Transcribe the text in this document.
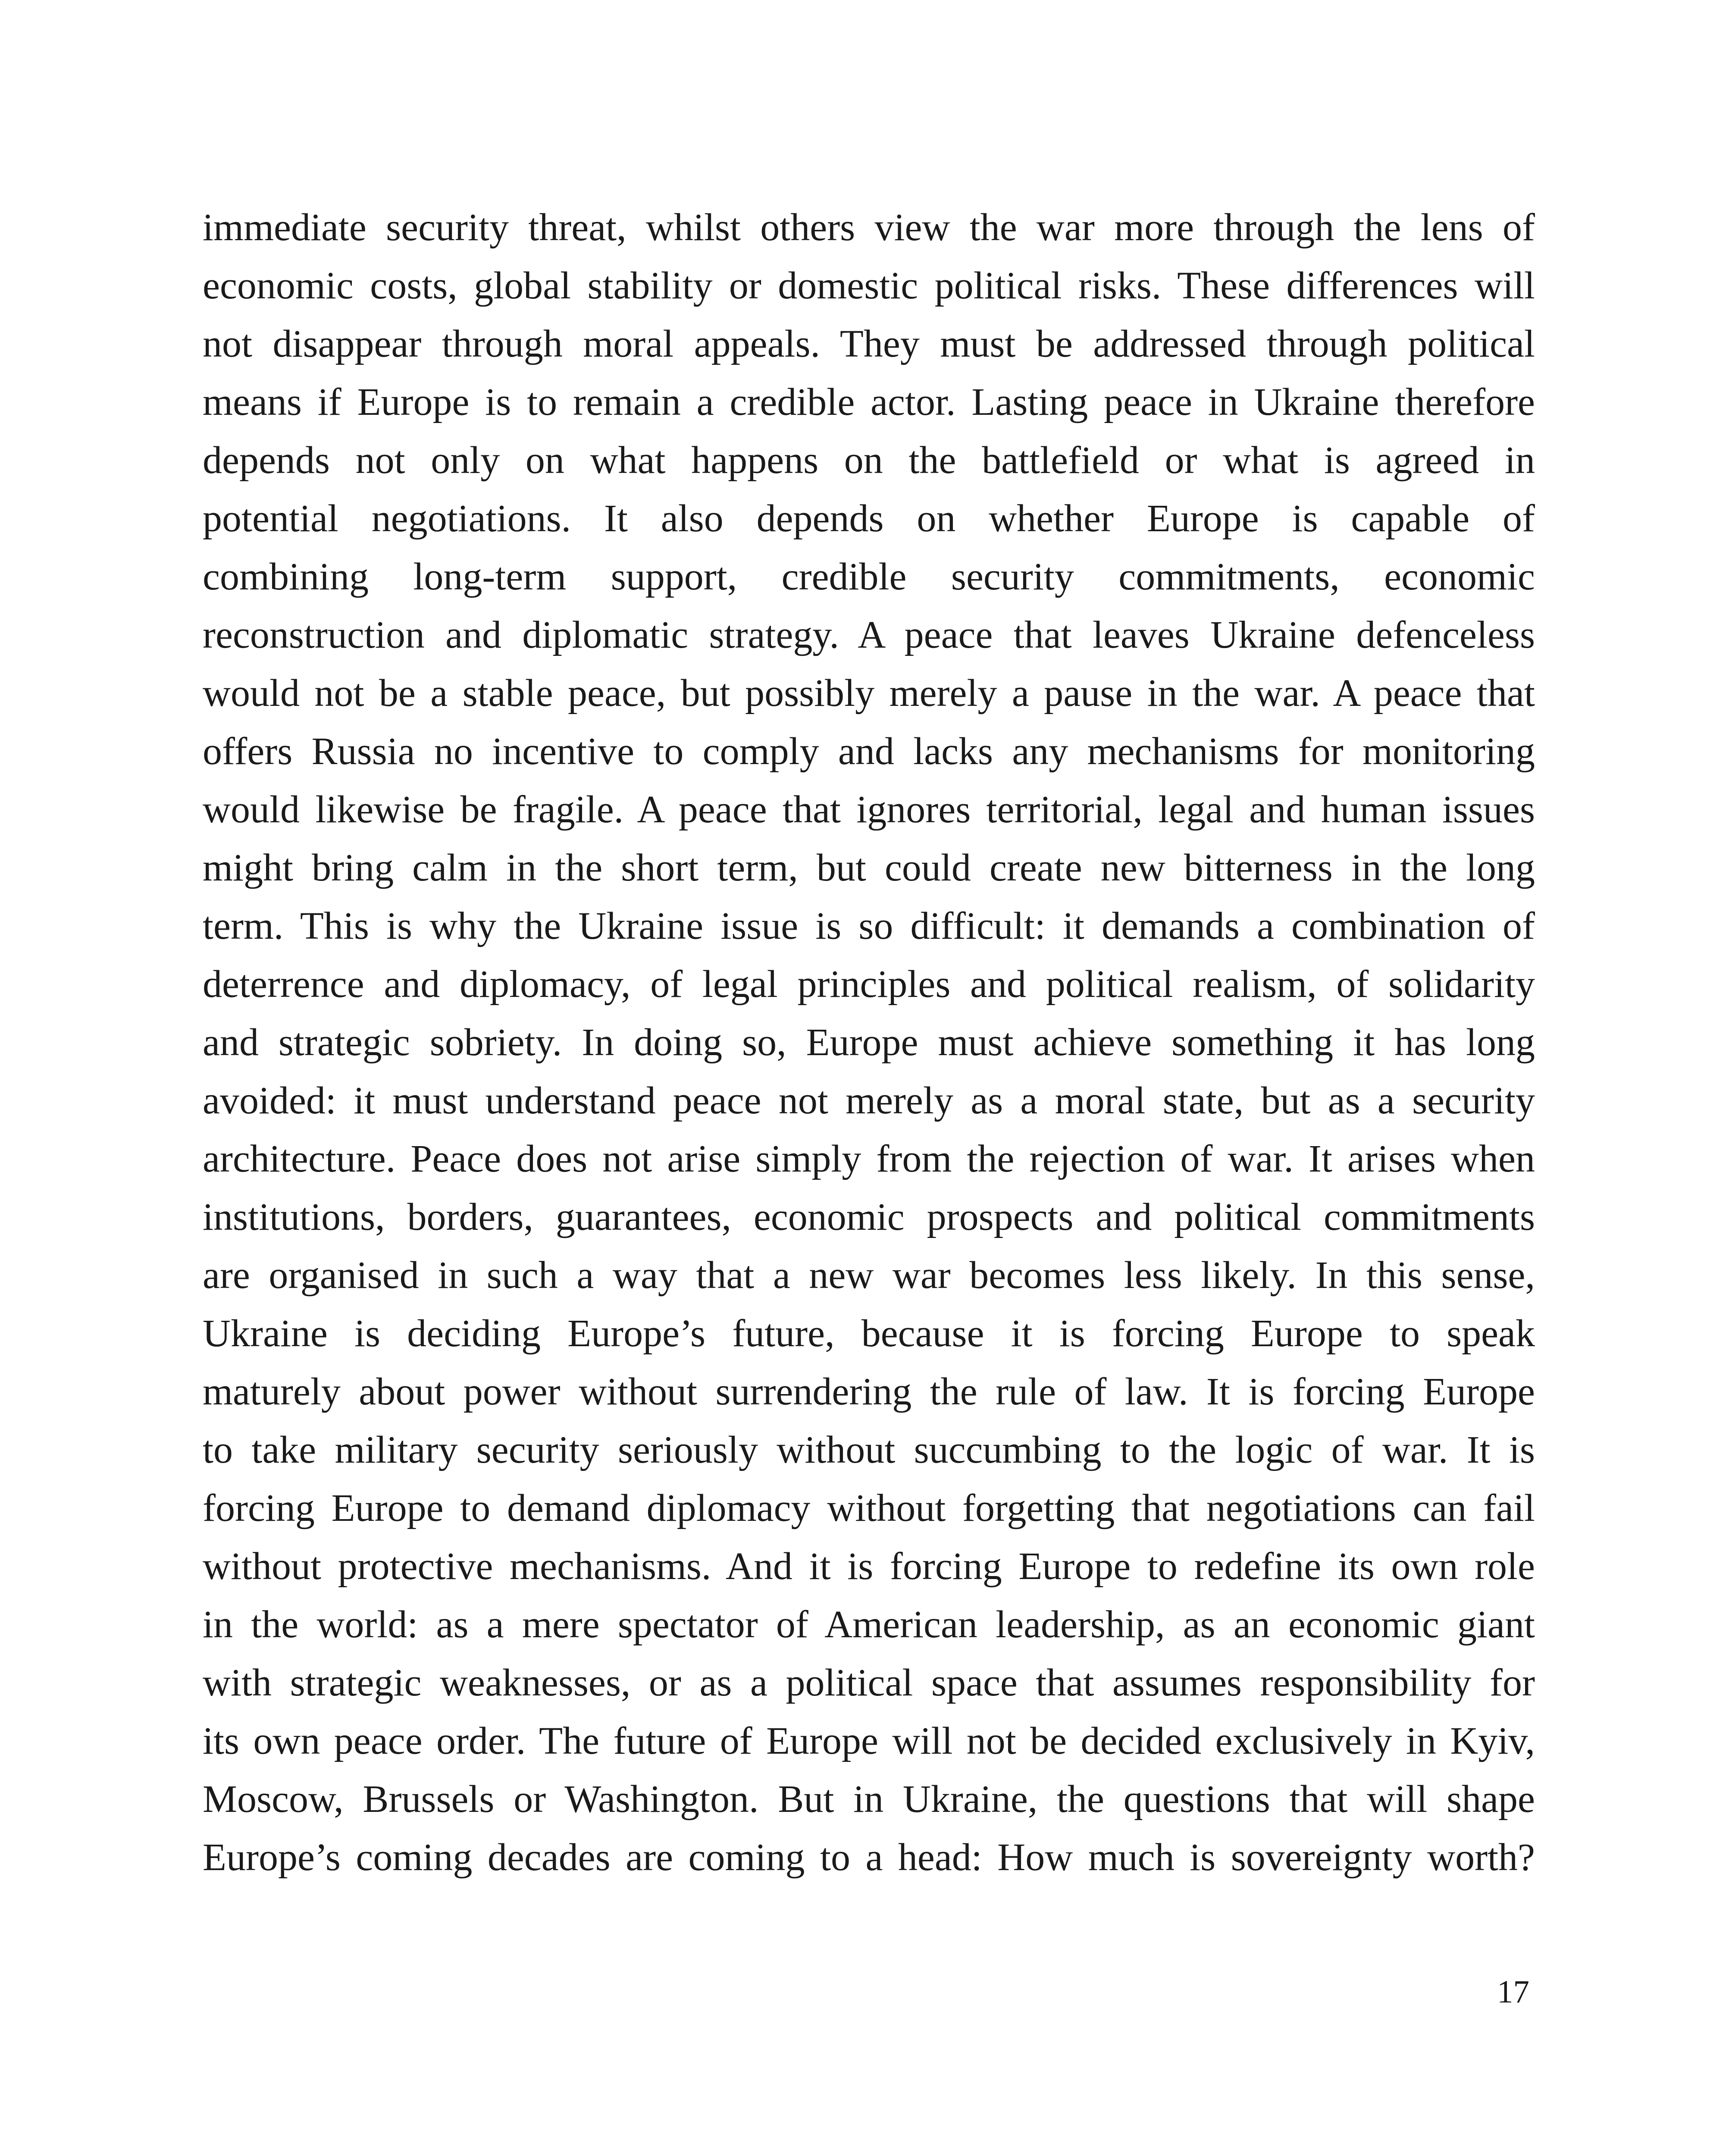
immediate security threat, whilst others view the war more through the lens of
economic costs, global stability or domestic political risks. These differences will
not disappear through moral appeals. They must be addressed through political
means if Europe is to remain a credible actor. Lasting peace in Ukraine therefore
depends not only on what happens on the battlefield or what is agreed in
potential negotiations. It also depends on whether Europe is capable of
combining long-term support, credible security commitments, economic
reconstruction and diplomatic strategy. A peace that leaves Ukraine defenceless
would not be a stable peace, but possibly merely a pause in the war. A peace that
offers Russia no incentive to comply and lacks any mechanisms for monitoring
would likewise be fragile. A peace that ignores territorial, legal and human issues
might bring calm in the short term, but could create new bitterness in the long
term. This is why the Ukraine issue is so difficult: it demands a combination of
deterrence and diplomacy, of legal principles and political realism, of solidarity
and strategic sobriety. In doing so, Europe must achieve something it has long
avoided: it must understand peace not merely as a moral state, but as a security
architecture. Peace does not arise simply from the rejection of war. It arises when
institutions, borders, guarantees, economic prospects and political commitments
are organised in such a way that a new war becomes less likely. In this sense,
Ukraine is deciding Europe’s future, because it is forcing Europe to speak
maturely about power without surrendering the rule of law. It is forcing Europe
to take military security seriously without succumbing to the logic of war. It is
forcing Europe to demand diplomacy without forgetting that negotiations can fail
without protective mechanisms. And it is forcing Europe to redefine its own role
in the world: as a mere spectator of American leadership, as an economic giant
with strategic weaknesses, or as a political space that assumes responsibility for
its own peace order. The future of Europe will not be decided exclusively in Kyiv,
Moscow, Brussels or Washington. But in Ukraine, the questions that will shape
Europe’s coming decades are coming to a head: How much is sovereignty worth?
17
